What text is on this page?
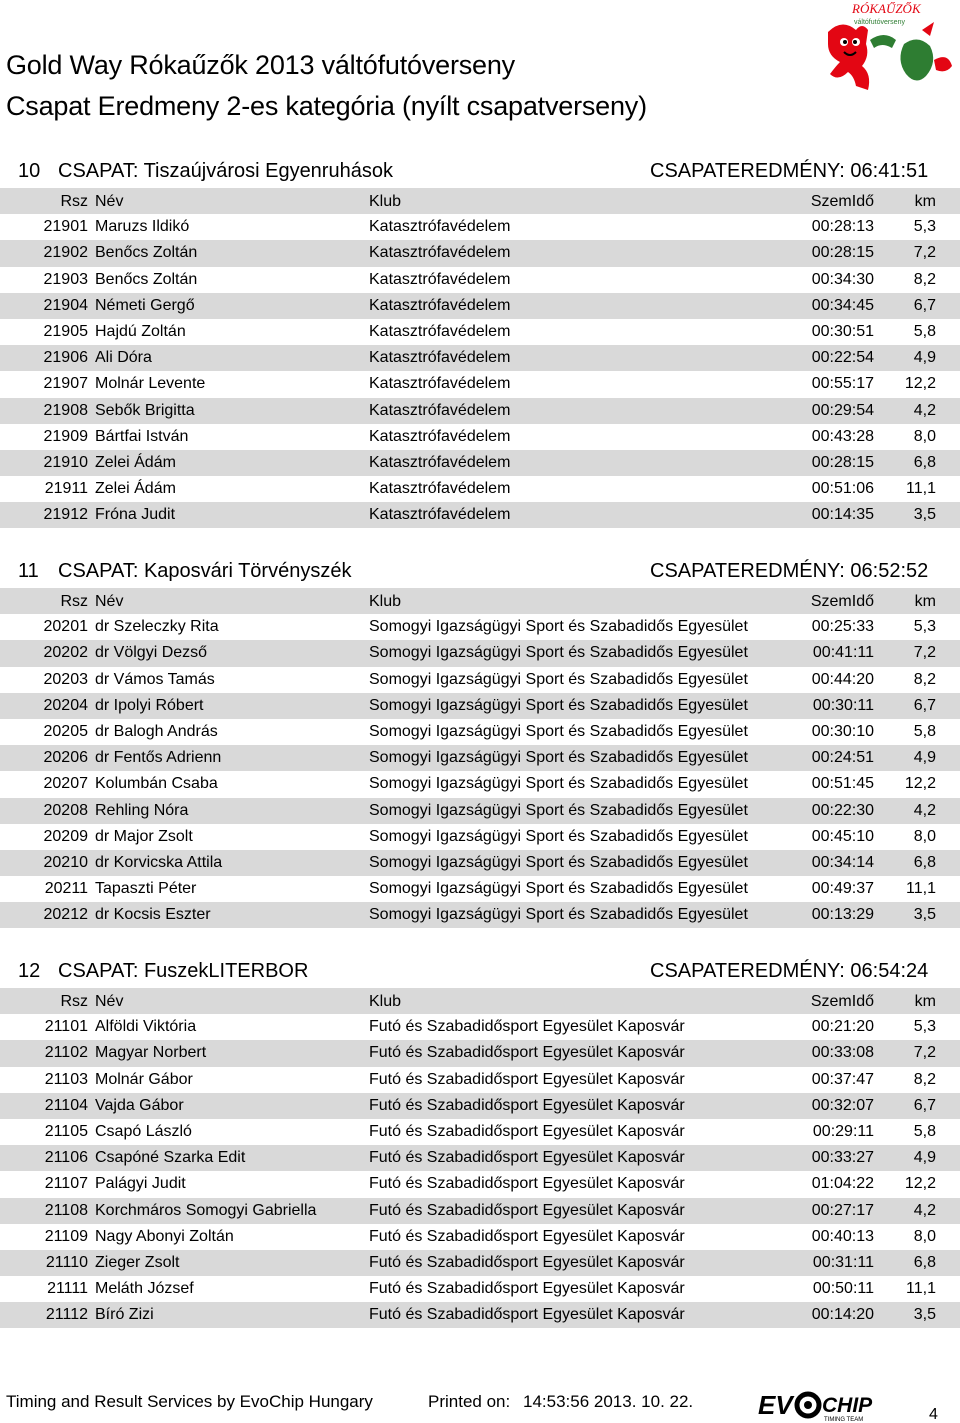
Gold Way Rókaűzők 2013 váltófutóverseny
Csapat Eredmeny 2-es kategória (nyílt csapatverseny)
RÓKAŰZŐK
váltófutóverseny
10 CSAPAT: Tiszaújvárosi Egyenruhások	CSAPATEREDMÉNY: 06:41:51
Rsz Név	Klub	SzemIdő	km
21901 Maruzs Ildikó	Katasztrófavédelem	00:28:13	5,3
21902 Benőcs Zoltán	Katasztrófavédelem	00:28:15	7,2
21903 Benőcs Zoltán	Katasztrófavédelem	00:34:30	8,2
21904 Németi Gergő	Katasztrófavédelem	00:34:45	6,7
21905 Hajdú Zoltán	Katasztrófavédelem	00:30:51	5,8
21906 Ali Dóra	Katasztrófavédelem	00:22:54	4,9
21907 Molnár Levente	Katasztrófavédelem	00:55:17	12,2
21908 Sebők Brigitta	Katasztrófavédelem	00:29:54	4,2
21909 Bártfai István	Katasztrófavédelem	00:43:28	8,0
21910 Zelei Ádám	Katasztrófavédelem	00:28:15	6,8
21911 Zelei Ádám	Katasztrófavédelem	00:51:06	11,1
21912 Fróna Judit	Katasztrófavédelem	00:14:35	3,5
11 CSAPAT: Kaposvári Törvényszék	CSAPATEREDMÉNY: 06:52:52
Rsz Név	Klub	SzemIdő	km
20201 dr Szeleczky Rita	Somogyi Igazságügyi Sport és Szabadidős Egyesület	00:25:33	5,3
20202 dr Völgyi Dezső	Somogyi Igazságügyi Sport és Szabadidős Egyesület	00:41:11	7,2
20203 dr Vámos Tamás	Somogyi Igazságügyi Sport és Szabadidős Egyesület	00:44:20	8,2
20204 dr Ipolyi Róbert	Somogyi Igazságügyi Sport és Szabadidős Egyesület	00:30:11	6,7
20205 dr Balogh András	Somogyi Igazságügyi Sport és Szabadidős Egyesület	00:30:10	5,8
20206 dr Fentős Adrienn	Somogyi Igazságügyi Sport és Szabadidős Egyesület	00:24:51	4,9
20207 Kolumbán Csaba	Somogyi Igazságügyi Sport és Szabadidős Egyesület	00:51:45	12,2
20208 Rehling Nóra	Somogyi Igazságügyi Sport és Szabadidős Egyesület	00:22:30	4,2
20209 dr Major Zsolt	Somogyi Igazságügyi Sport és Szabadidős Egyesület	00:45:10	8,0
20210 dr Korvicska Attila	Somogyi Igazságügyi Sport és Szabadidős Egyesület	00:34:14	6,8
20211 Tapaszti Péter	Somogyi Igazságügyi Sport és Szabadidős Egyesület	00:49:37	11,1
20212 dr Kocsis Eszter	Somogyi Igazságügyi Sport és Szabadidős Egyesület	00:13:29	3,5
12 CSAPAT: FuszekLITERBOR	CSAPATEREDMÉNY: 06:54:24
Rsz Név	Klub	SzemIdő	km
21101 Alföldi Viktória	Futó és Szabadidősport Egyesület Kaposvár	00:21:20	5,3
21102 Magyar Norbert	Futó és Szabadidősport Egyesület Kaposvár	00:33:08	7,2
21103 Molnár Gábor	Futó és Szabadidősport Egyesület Kaposvár	00:37:47	8,2
21104 Vajda Gábor	Futó és Szabadidősport Egyesület Kaposvár	00:32:07	6,7
21105 Csapó László	Futó és Szabadidősport Egyesület Kaposvár	00:29:11	5,8
21106 Csapóné Szarka Edit	Futó és Szabadidősport Egyesület Kaposvár	00:33:27	4,9
21107 Palágyi Judit	Futó és Szabadidősport Egyesület Kaposvár	01:04:22	12,2
21108 Korchmáros Somogyi Gabriella	Futó és Szabadidősport Egyesület Kaposvár	00:27:17	4,2
21109 Nagy Abonyi Zoltán	Futó és Szabadidősport Egyesület Kaposvár	00:40:13	8,0
21110 Zieger Zsolt	Futó és Szabadidősport Egyesület Kaposvár	00:31:11	6,8
21111 Meláth József	Futó és Szabadidősport Egyesület Kaposvár	00:50:11	11,1
21112 Bíró Zizi	Futó és Szabadidősport Egyesület Kaposvár	00:14:20	3,5
Timing and Result Services by EvoChip Hungary	Printed on: 14:53:56 2013. 10. 22. EV CHIP
TIMING TEAM	4
